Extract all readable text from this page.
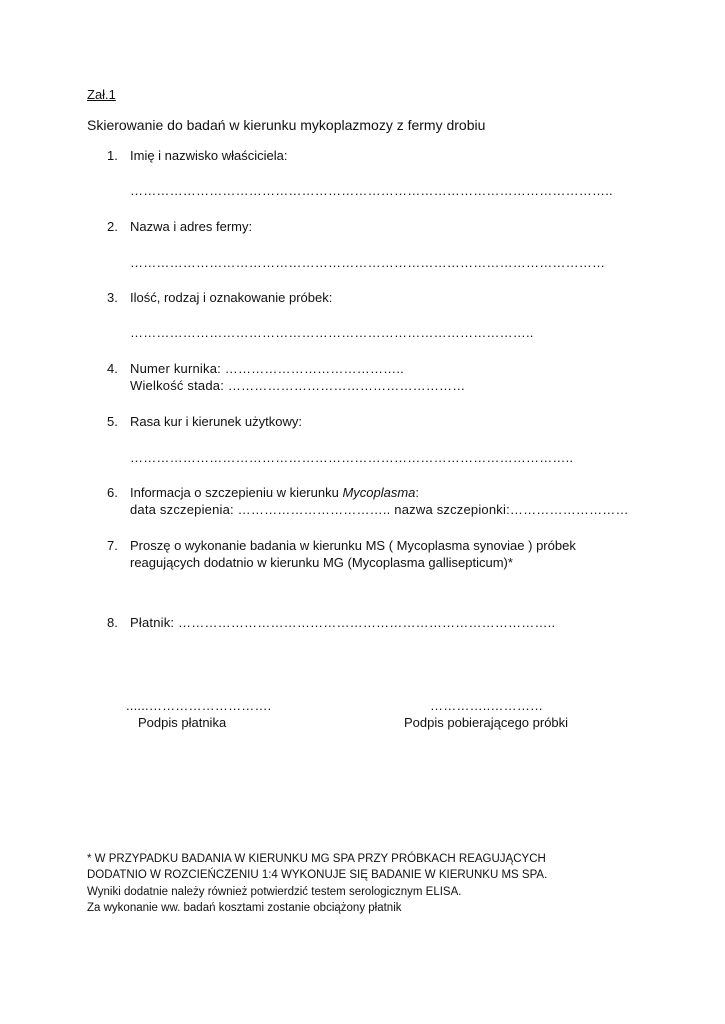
Zał.1
Skierowanie do badań w kierunku mykoplazmozy z fermy drobiu
1. Imię i nazwisko właściciela:
………………………………………………………………………………………………..
2. Nazwa i adres fermy:
………………………………………………………………………………………………
3. Ilość, rodzaj i oznakowanie próbek:
………………………………………………………………………………..
4. Numer kurnika: …………………………………..
Wielkość stada: ………………………………………………
5. Rasa kur i kierunek użytkowy:
………………………………………………………………………………………..
6. Informacja o szczepieniu w kierunku Mycoplasma:
data szczepienia: …………………………….. nazwa szczepionki:………………………
7. Proszę o wykonanie badania w kierunku MS ( Mycoplasma synoviae ) próbek
reagujących dodatnio w kierunku MG (Mycoplasma gallisepticum)*
8. Płatnik: …………………………………………………………………………..
......……………………….
Podpis płatnika
…………..…………
Podpis pobierającego próbki
* W PRZYPADKU BADANIA W KIERUNKU MG SPA PRZY PRÓBKACH REAGUJĄCYCH
DODATNIO W ROZCIEŃCZENIU 1:4 WYKONUJE SIĘ BADANIE W KIERUNKU MS SPA.
Wyniki dodatnie należy również potwierdzić testem serologicznym ELISA.
Za wykonanie ww. badań kosztami zostanie obciążony płatnik
